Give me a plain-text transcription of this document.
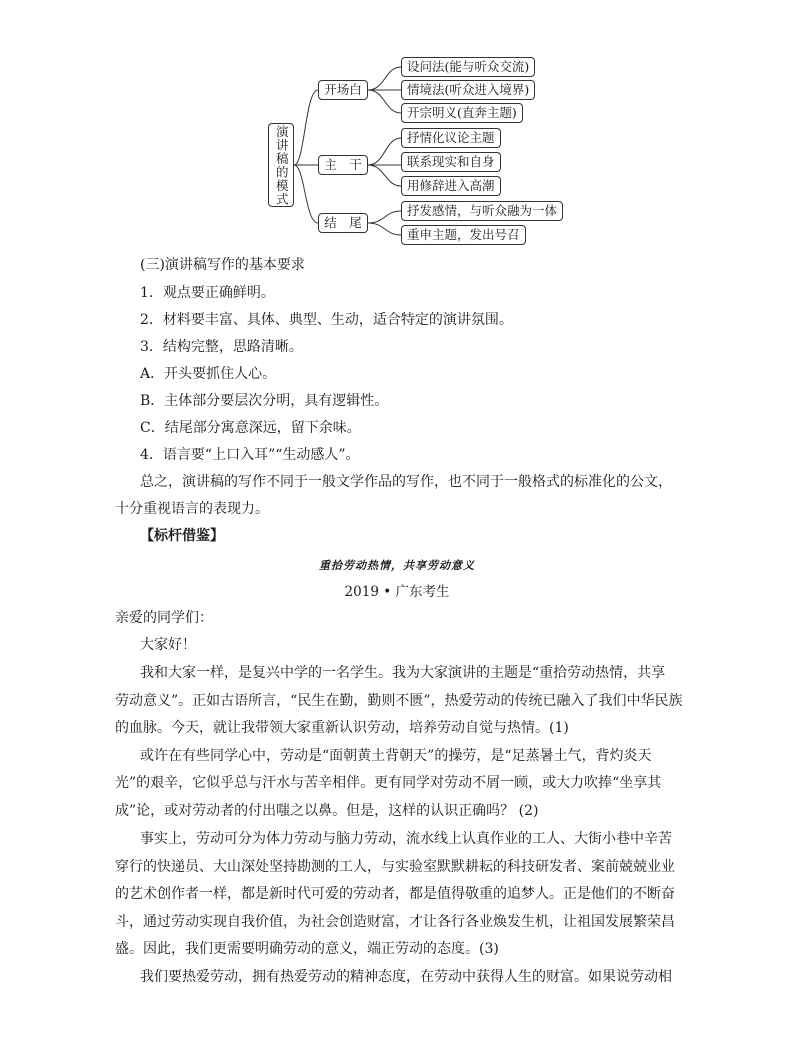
演讲稿的模式
开场白
主　干
结　尾
设问法(能与听众交流)
情境法(听众进入境界)
开宗明义(直奔主题)
抒情化议论主题
联系现实和自身
用修辞进入高潮
抒发感情，与听众融为一体
重申主题，发出号召
(三)演讲稿写作的基本要求
1．观点要正确鲜明。
2．材料要丰富、具体、典型、生动，适合特定的演讲氛围。
3．结构完整，思路清晰。
A．开头要抓住人心。
B．主体部分要层次分明，具有逻辑性。
C．结尾部分寓意深远，留下余味。
4．语言要“上口入耳”“生动感人”。
总之，演讲稿的写作不同于一般文学作品的写作，也不同于一般格式的标准化的公文，
十分重视语言的表现力。
【标杆借鉴】
重拾劳动热情，共享劳动意义
2019 • 广东考生
亲爱的同学们：
大家好！
我和大家一样，是复兴中学的一名学生。我为大家演讲的主题是“重拾劳动热情，共享
劳动意义”。正如古语所言，“民生在勤，勤则不匮”，热爱劳动的传统已融入了我们中华民族
的血脉。今天，就让我带领大家重新认识劳动，培养劳动自觉与热情。(1)
或许在有些同学心中，劳动是“面朝黄土背朝天”的操劳，是“足蒸暑土气，背灼炎天
光”的艰辛，它似乎总与汗水与苦辛相伴。更有同学对劳动不屑一顾，或大力吹捧“坐享其
成”论，或对劳动者的付出嗤之以鼻。但是，这样的认识正确吗？ (2)
事实上，劳动可分为体力劳动与脑力劳动，流水线上认真作业的工人、大街小巷中辛苦
穿行的快递员、大山深处坚持勘测的工人，与实验室默默耕耘的科技研发者、案前兢兢业业
的艺术创作者一样，都是新时代可爱的劳动者，都是值得敬重的追梦人。正是他们的不断奋
斗，通过劳动实现自我价值，为社会创造财富，才让各行各业焕发生机，让祖国发展繁荣昌
盛。因此，我们更需要明确劳动的意义，端正劳动的态度。(3)
我们要热爱劳动，拥有热爱劳动的精神态度，在劳动中获得人生的财富。如果说劳动相
